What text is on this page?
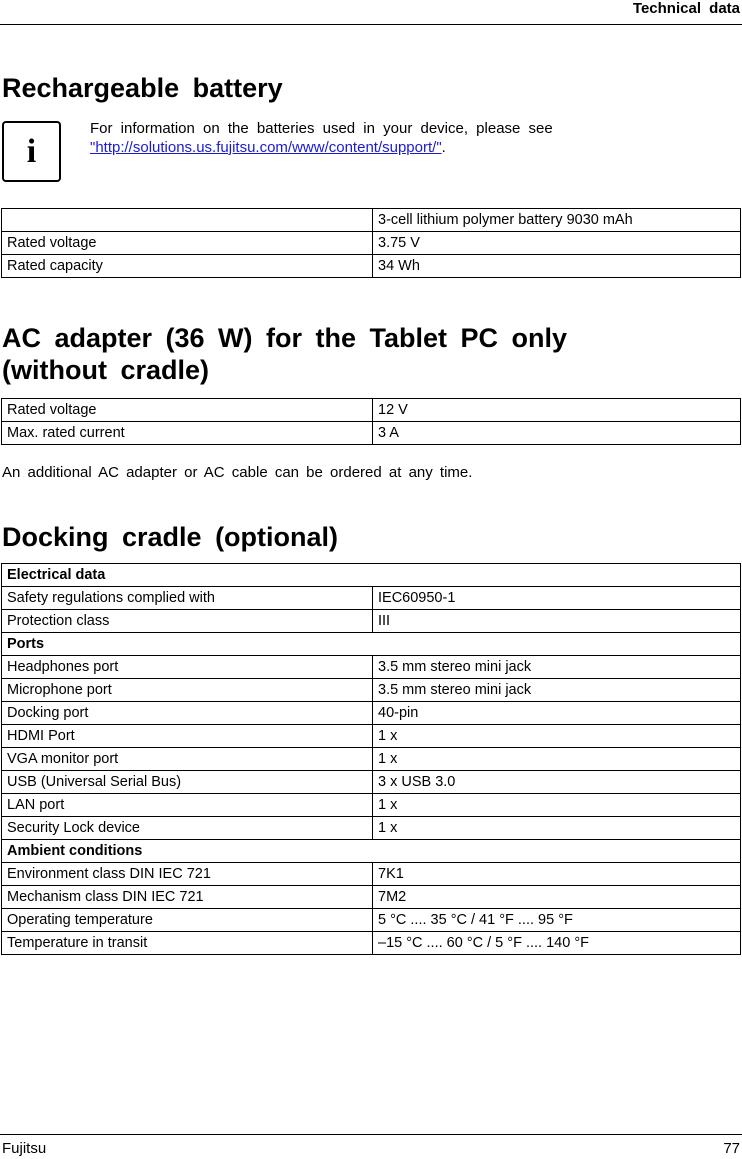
Technical data
Rechargeable battery
i
For information on the batteries used in your device, please see
"http://solutions.us.fujitsu.com/www/content/support/".
	3-cell lithium polymer battery 9030 mAh
Rated voltage	3.75 V
Rated capacity	34 Wh
AC adapter (36 W) for the Tablet PC only
(without cradle)
Rated voltage	12 V
Max. rated current	3 A
An additional AC adapter or AC cable can be ordered at any time.
Docking cradle (optional)
Electrical data	
Safety regulations complied with	IEC60950-1
Protection class	III
Ports	
Headphones port	3.5 mm stereo mini jack
Microphone port	3.5 mm stereo mini jack
Docking port	40-pin
HDMI Port	1 x
VGA monitor port	1 x
USB (Universal Serial Bus)	3 x USB 3.0
LAN port	1 x
Security Lock device	1 x
Ambient conditions	
Environment class DIN IEC 721	7K1
Mechanism class DIN IEC 721	7M2
Operating temperature	5 °C .... 35 °C / 41 °F .... 95 °F
Temperature in transit	–15 °C .... 60 °C / 5 °F .... 140 °F
Fujitsu	77
